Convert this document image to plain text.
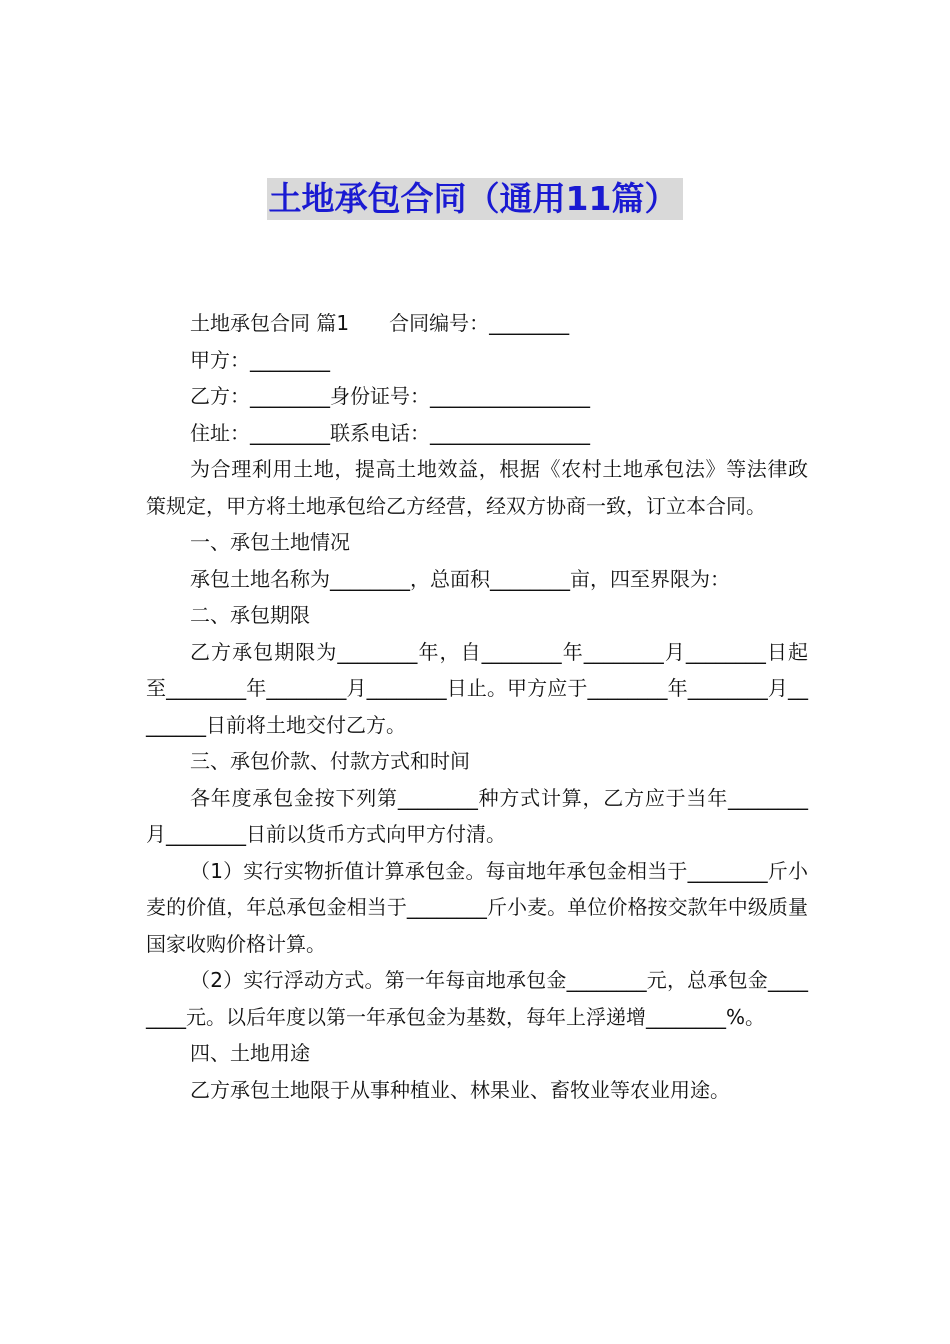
土地承包合同（通用11篇）

土地承包合同 篇1　　合同编号：________

甲方：________

乙方：________身份证号：________________

住址：________联系电话：________________

为合理利用土地，提高土地效益，根据《农村土地承包法》等法律政策规定，甲方将土地承包给乙方经营，经双方协商一致，订立本合同。

一、承包土地情况

承包土地名称为________，总面积________亩，四至界限为：

二、承包期限

乙方承包期限为________年，自________年________月________日起至________年________月________日止。甲方应于________年________月________日前将土地交付乙方。

三、承包价款、付款方式和时间

各年度承包金按下列第________种方式计算，乙方应于当年________月________日前以货币方式向甲方付清。

（1）实行实物折值计算承包金。每亩地年承包金相当于________斤小麦的价值，年总承包金相当于________斤小麦。单位价格按交款年中级质量国家收购价格计算。

（2）实行浮动方式。第一年每亩地承包金________元，总承包金________元。以后年度以第一年承包金为基数，每年上浮递增________%。

四、土地用途

乙方承包土地限于从事种植业、林果业、畜牧业等农业用途。
